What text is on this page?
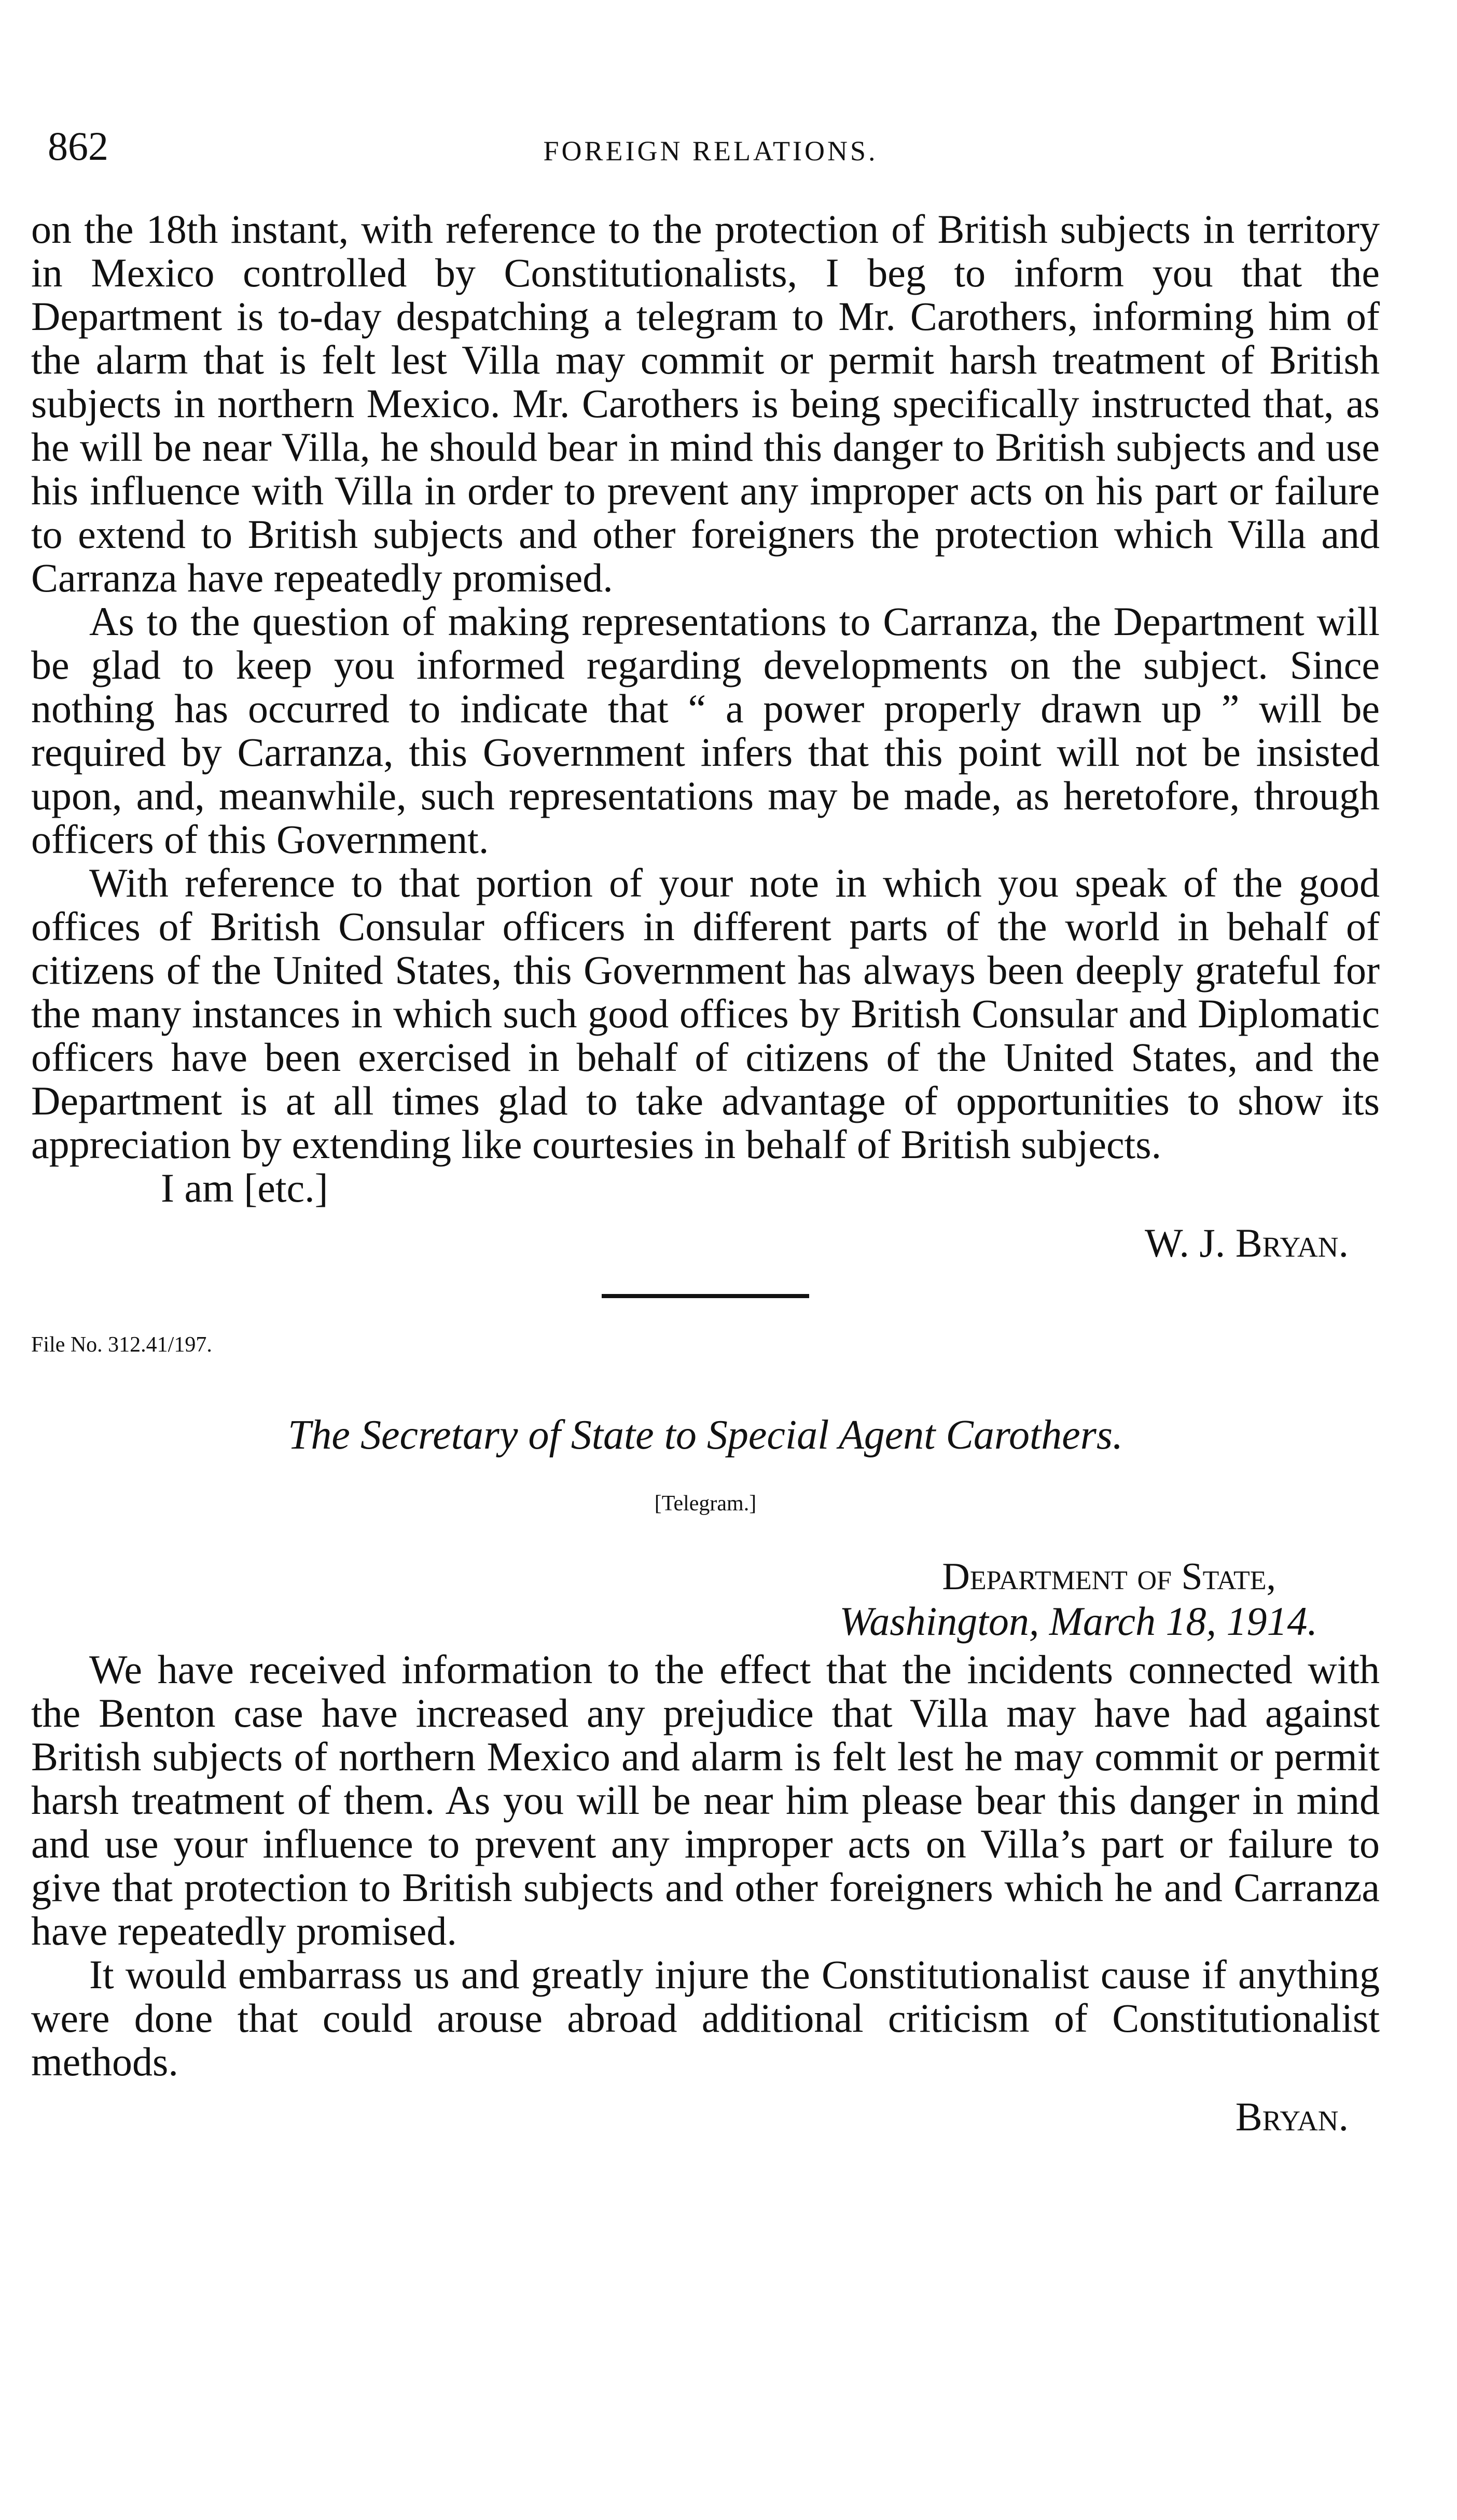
862	FOREIGN RELATIONS.

on the 18th instant, with reference to the protection of British subjects in territory in Mexico controlled by Constitutionalists, I beg to inform you that the Department is to-day despatching a telegram to Mr. Carothers, informing him of the alarm that is felt lest Villa may commit or permit harsh treatment of British subjects in northern Mexico. Mr. Carothers is being specifically instructed that, as he will be near Villa, he should bear in mind this danger to British subjects and use his influence with Villa in order to prevent any improper acts on his part or failure to extend to British subjects and other foreigners the protection which Villa and Carranza have repeatedly promised.

As to the question of making representations to Carranza, the Department will be glad to keep you informed regarding developments on the subject. Since nothing has occurred to indicate that “ a power properly drawn up ” will be required by Carranza, this Government infers that this point will not be insisted upon, and, meanwhile, such representations may be made, as heretofore, through officers of this Government.

With reference to that portion of your note in which you speak of the good offices of British Consular officers in different parts of the world in behalf of citizens of the United States, this Government has always been deeply grateful for the many instances in which such good offices by British Consular and Diplomatic officers have been exercised in behalf of citizens of the United States, and the Department is at all times glad to take advantage of opportunities to show its appreciation by extending like courtesies in behalf of British subjects.

I am [etc.]

W. J. Bryan.

File No. 312.41/197.

The Secretary of State to Special Agent Carothers.

[Telegram.]

Department of State,
Washington, March 18, 1914.

We have received information to the effect that the incidents connected with the Benton case have increased any prejudice that Villa may have had against British subjects of northern Mexico and alarm is felt lest he may commit or permit harsh treatment of them. As you will be near him please bear this danger in mind and use your influence to prevent any improper acts on Villa’s part or failure to give that protection to British subjects and other foreigners which he and Carranza have repeatedly promised.

It would embarrass us and greatly injure the Constitutionalist cause if anything were done that could arouse abroad additional criticism of Constitutionalist methods.

Bryan.
